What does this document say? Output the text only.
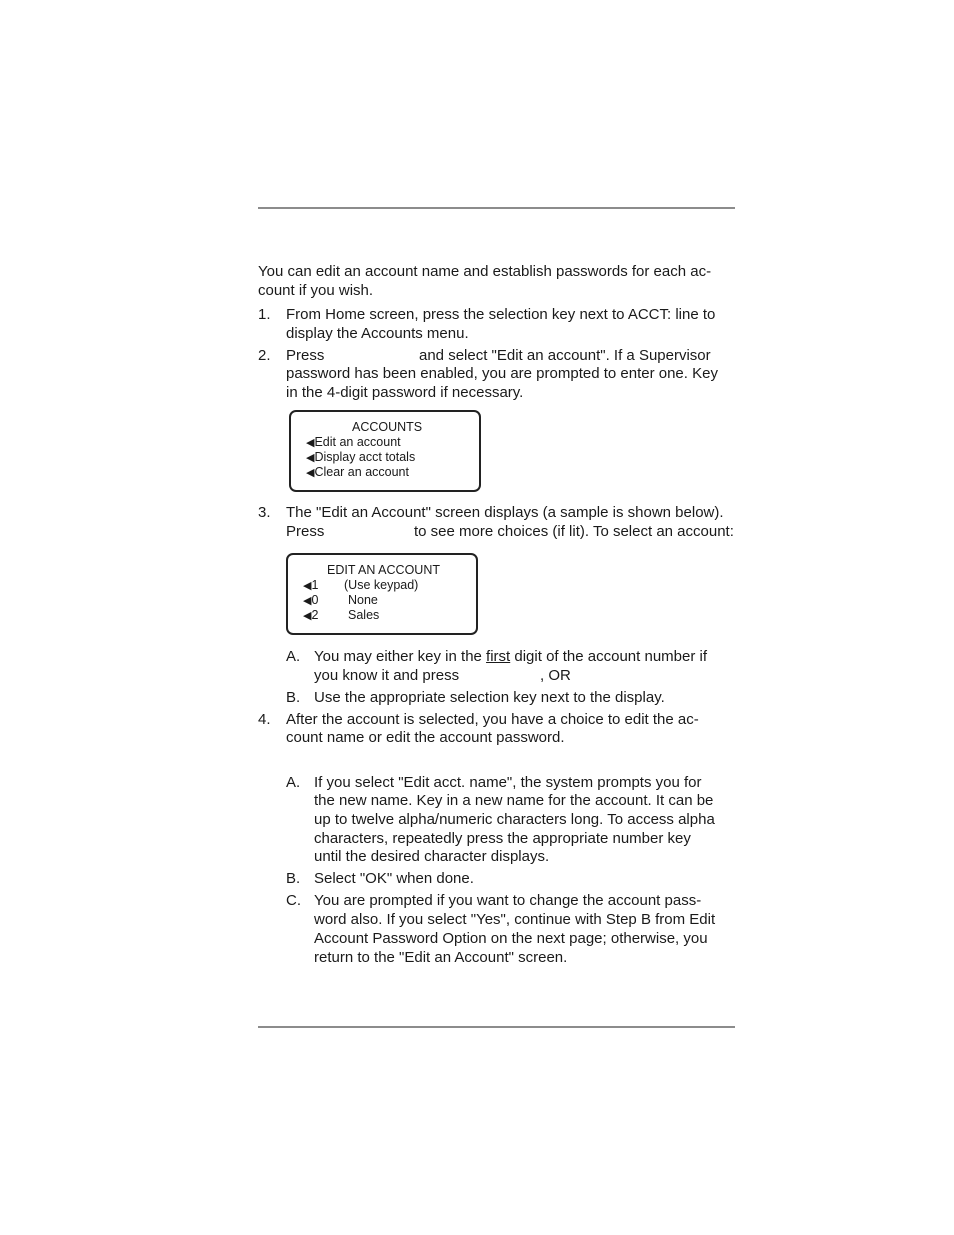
You can edit an account name and establish passwords for each ac-
count if you wish.
1. From Home screen, press the selection key next to ACCT: line to
display the Accounts menu.
2. Press	and select "Edit an account". If a Supervisor
password has been enabled, you are prompted to enter one. Key
in the 4-digit password if necessary.
ACCOUNTS
◀Edit an account
◀Display acct totals
◀Clear an account
3. The "Edit an Account" screen displays (a sample is shown below).
Press	to see more choices (if lit). To select an account:
EDIT AN ACCOUNT
◀1 (Use keypad)
◀0 None
◀2 Sales
A. You may either key in the first digit of the account number if
you know it and press	, OR
B. Use the appropriate selection key next to the display.
4. After the account is selected, you have a choice to edit the ac-
count name or edit the account password.
A. If you select "Edit acct. name", the system prompts you for
the new name. Key in a new name for the account. It can be
up to twelve alpha/numeric characters long. To access alpha
characters, repeatedly press the appropriate number key
until the desired character displays.
B. Select "OK" when done.
C. You are prompted if you want to change the account pass-
word also. If you select "Yes", continue with Step B from Edit
Account Password Option on the next page; otherwise, you
return to the "Edit an Account" screen.
